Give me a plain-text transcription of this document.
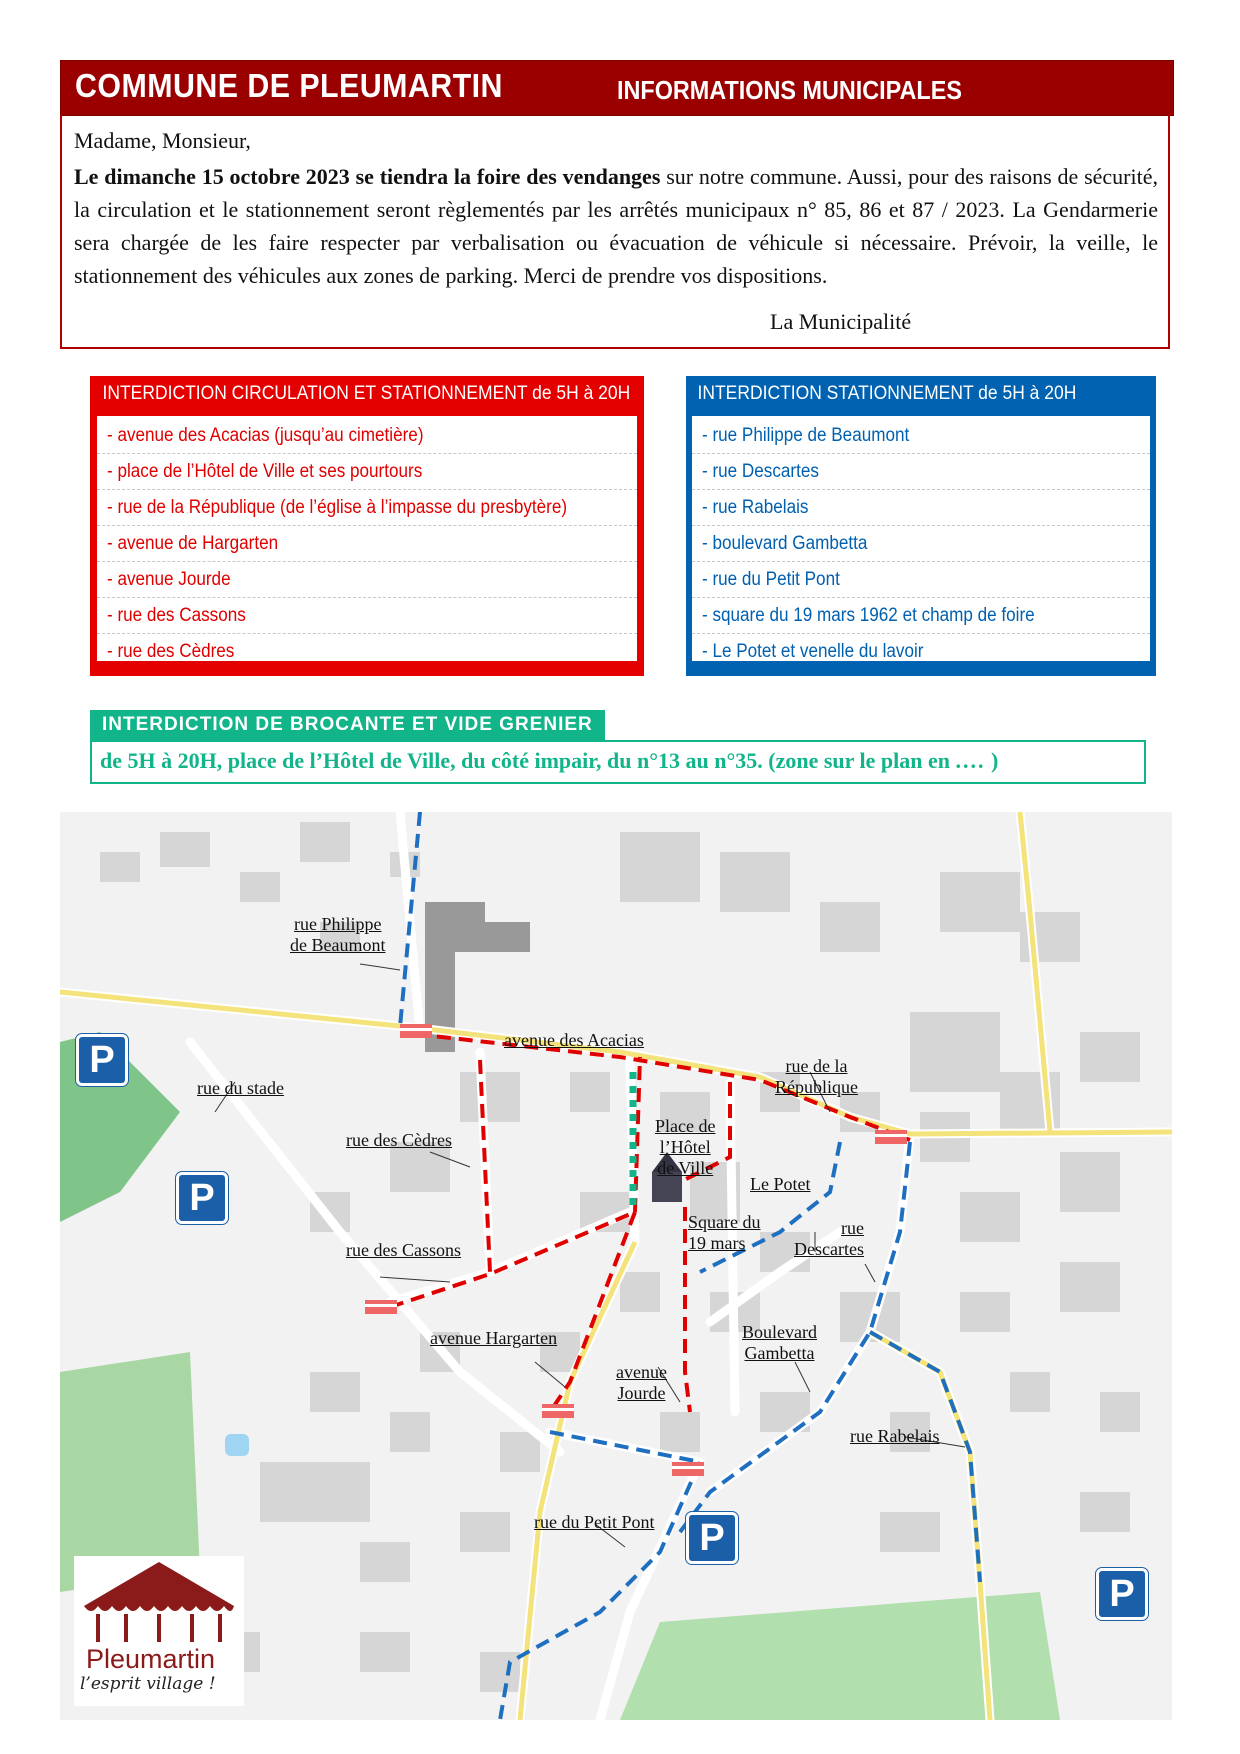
COMMUNE DE PLEUMARTIN	INFORMATIONS MUNICIPALES
Madame, Monsieur,
Le dimanche 15 octobre 2023 se tiendra la foire des vendanges sur notre commune. Aussi, pour des raisons de sécurité, la circulation et le stationnement seront règlementés par les arrêtés municipaux n° 85, 86 et 87 / 2023. La Gendarmerie sera chargée de les faire respecter par verbalisation ou évacuation de véhicule si nécessaire. Prévoir, la veille, le stationnement des véhicules aux zones de parking. Merci de prendre vos dispositions.
La Municipalité
INTERDICTION CIRCULATION ET STATIONNEMENT de 5H à 20H
- avenue des Acacias (jusqu’au cimetière)
- place de l’Hôtel de Ville et ses pourtours
- rue de la République (de l’église à l’impasse du presbytère)
- avenue de Hargarten
- avenue Jourde
- rue des Cassons
- rue des Cèdres
INTERDICTION STATIONNEMENT de 5H à 20H
- rue Philippe de Beaumont
- rue Descartes
- rue Rabelais
- boulevard Gambetta
- rue du Petit Pont
- square du 19 mars 1962 et champ de foire
- Le Potet et venelle du lavoir
INTERDICTION DE BROCANTE ET VIDE GRENIER
de 5H à 20H, place de l’Hôtel de Ville, du côté impair, du n°13 au n°35. (zone sur le plan en .... )
rue Philippe
de Beaumont
avenue des Acacias
rue de la
République
rue du stade
rue des Cèdres
Place de
l’Hôtel
de Ville
Le Potet
Square du
19 mars
rue
Descartes
rue des Cassons
avenue Hargarten	Boulevard
Gambetta
avenue
Jourde
rue Rabelais
rue du Petit Pont
P
P
P
P
Pleumartin
l’esprit village !
